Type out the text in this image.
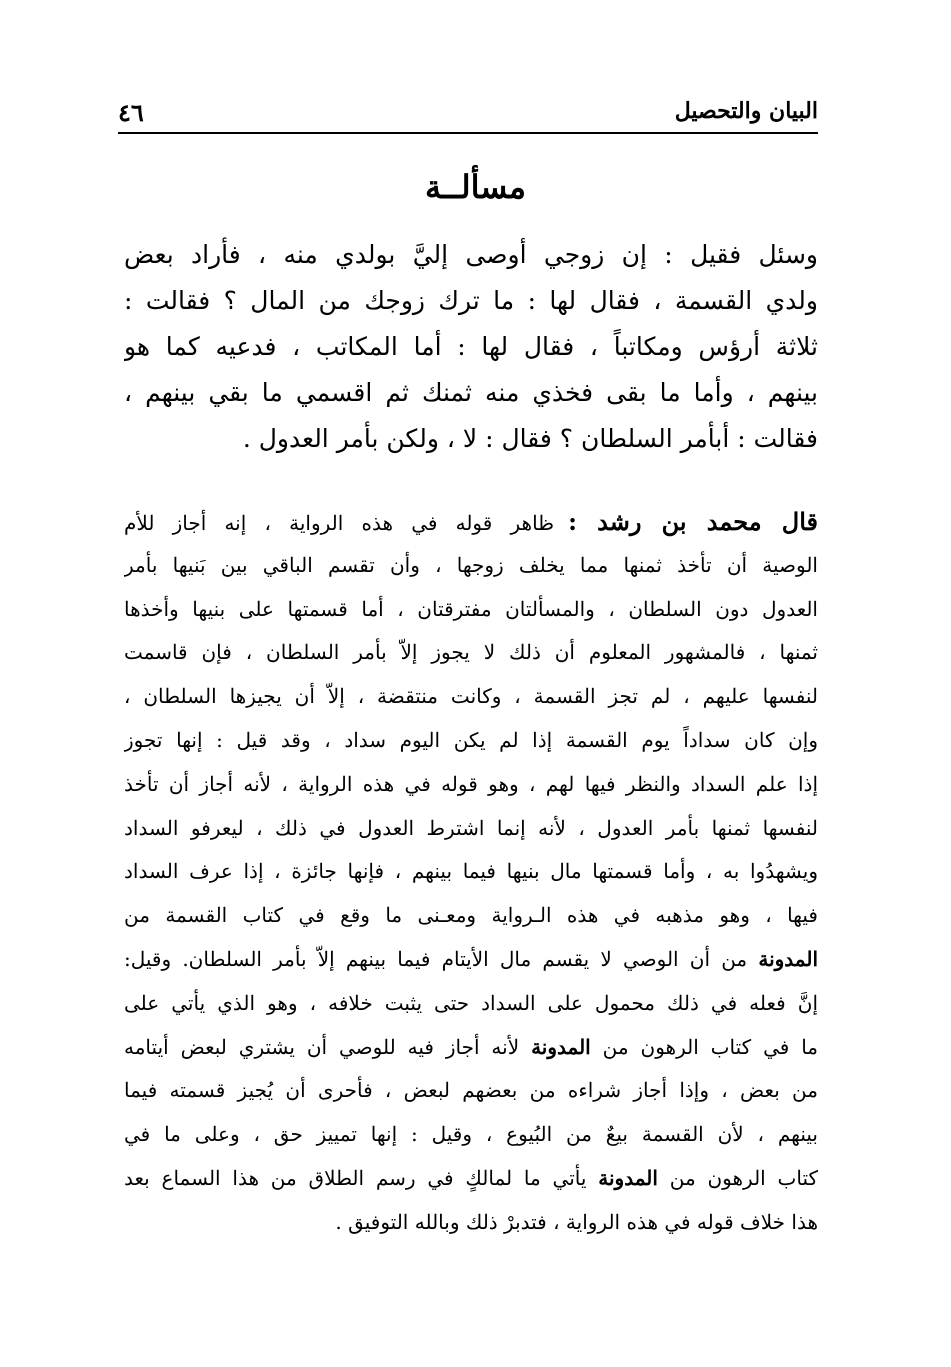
البيان والتحصيل
٤٦
مسألــة
وسئل فقيل : إن زوجي أوصى إليَّ بولدي منه ، فأراد بعض
ولدي القسمة ، فقال لها : ما ترك زوجك من المال ؟ فقالت :
ثلاثة أرؤس ومكاتباً ، فقال لها : أما المكاتب ، فدعيه كما هو
بينهم ، وأما ما بقى فخذي منه ثمنك ثم اقسمي ما بقي بينهم ،
فقالت : أبأمر السلطان ؟ فقال : لا ، ولكن بأمر العدول .
قال محمد بن رشد :ظاهر قوله في هذه الرواية ، إنه أجاز للأم
الوصية أن تأخذ ثمنها مما يخلف زوجها ، وأن تقسم الباقي بين بَنيها بأمر
العدول دون السلطان ، والمسألتان مفترقتان ، أما قسمتها على بنيها وأخذها
ثمنها ، فالمشهور المعلوم أن ذلك لا يجوز إلاّ بأمر السلطان ، فإن قاسمت
لنفسها عليهم ، لم تجز القسمة ، وكانت منتقضة ، إلاّ أن يجيزها السلطان ،
وإن كان سداداً يوم القسمة إذا لم يكن اليوم سداد ، وقد قيل : إنها تجوز
إذا علم السداد والنظر فيها لهم ، وهو قوله في هذه الرواية ، لأنه أجاز أن تأخذ
لنفسها ثمنها بأمر العدول ، لأنه إنما اشترط العدول في ذلك ، ليعرفو السداد
ويشهدُوا به ، وأما قسمتها مال بنيها فيما بينهم ، فإنها جائزة ، إذا عرف السداد
فيها ، وهو مذهبه في هذه الـرواية ومعـنى ما وقع في كتاب القسمة من
المدونة من أن الوصي لا يقسم مال الأيتام فيما بينهم إلاّ بأمر السلطان. وقيل:
إنَّ فعله في ذلك محمول على السداد حتى يثبت خلافه ، وهو الذي يأتي على
ما في كتاب الرهون من المدونة لأنه أجاز فيه للوصي أن يشتري لبعض أيتامه
من بعض ، وإذا أجاز شراءه من بعضهم لبعض ، فأحرى أن يُجيز قسمته فيما
بينهم ، لأن القسمة بيعٌ من البُيوع ، وقيل : إنها تمييز حق ، وعلى ما في
كتاب الرهون من المدونة يأتي ما لمالكٍ في رسم الطلاق من هذا السماع بعد
هذا خلاف قوله في هذه الرواية ، فتدبرْ ذلك وبالله التوفيق .
